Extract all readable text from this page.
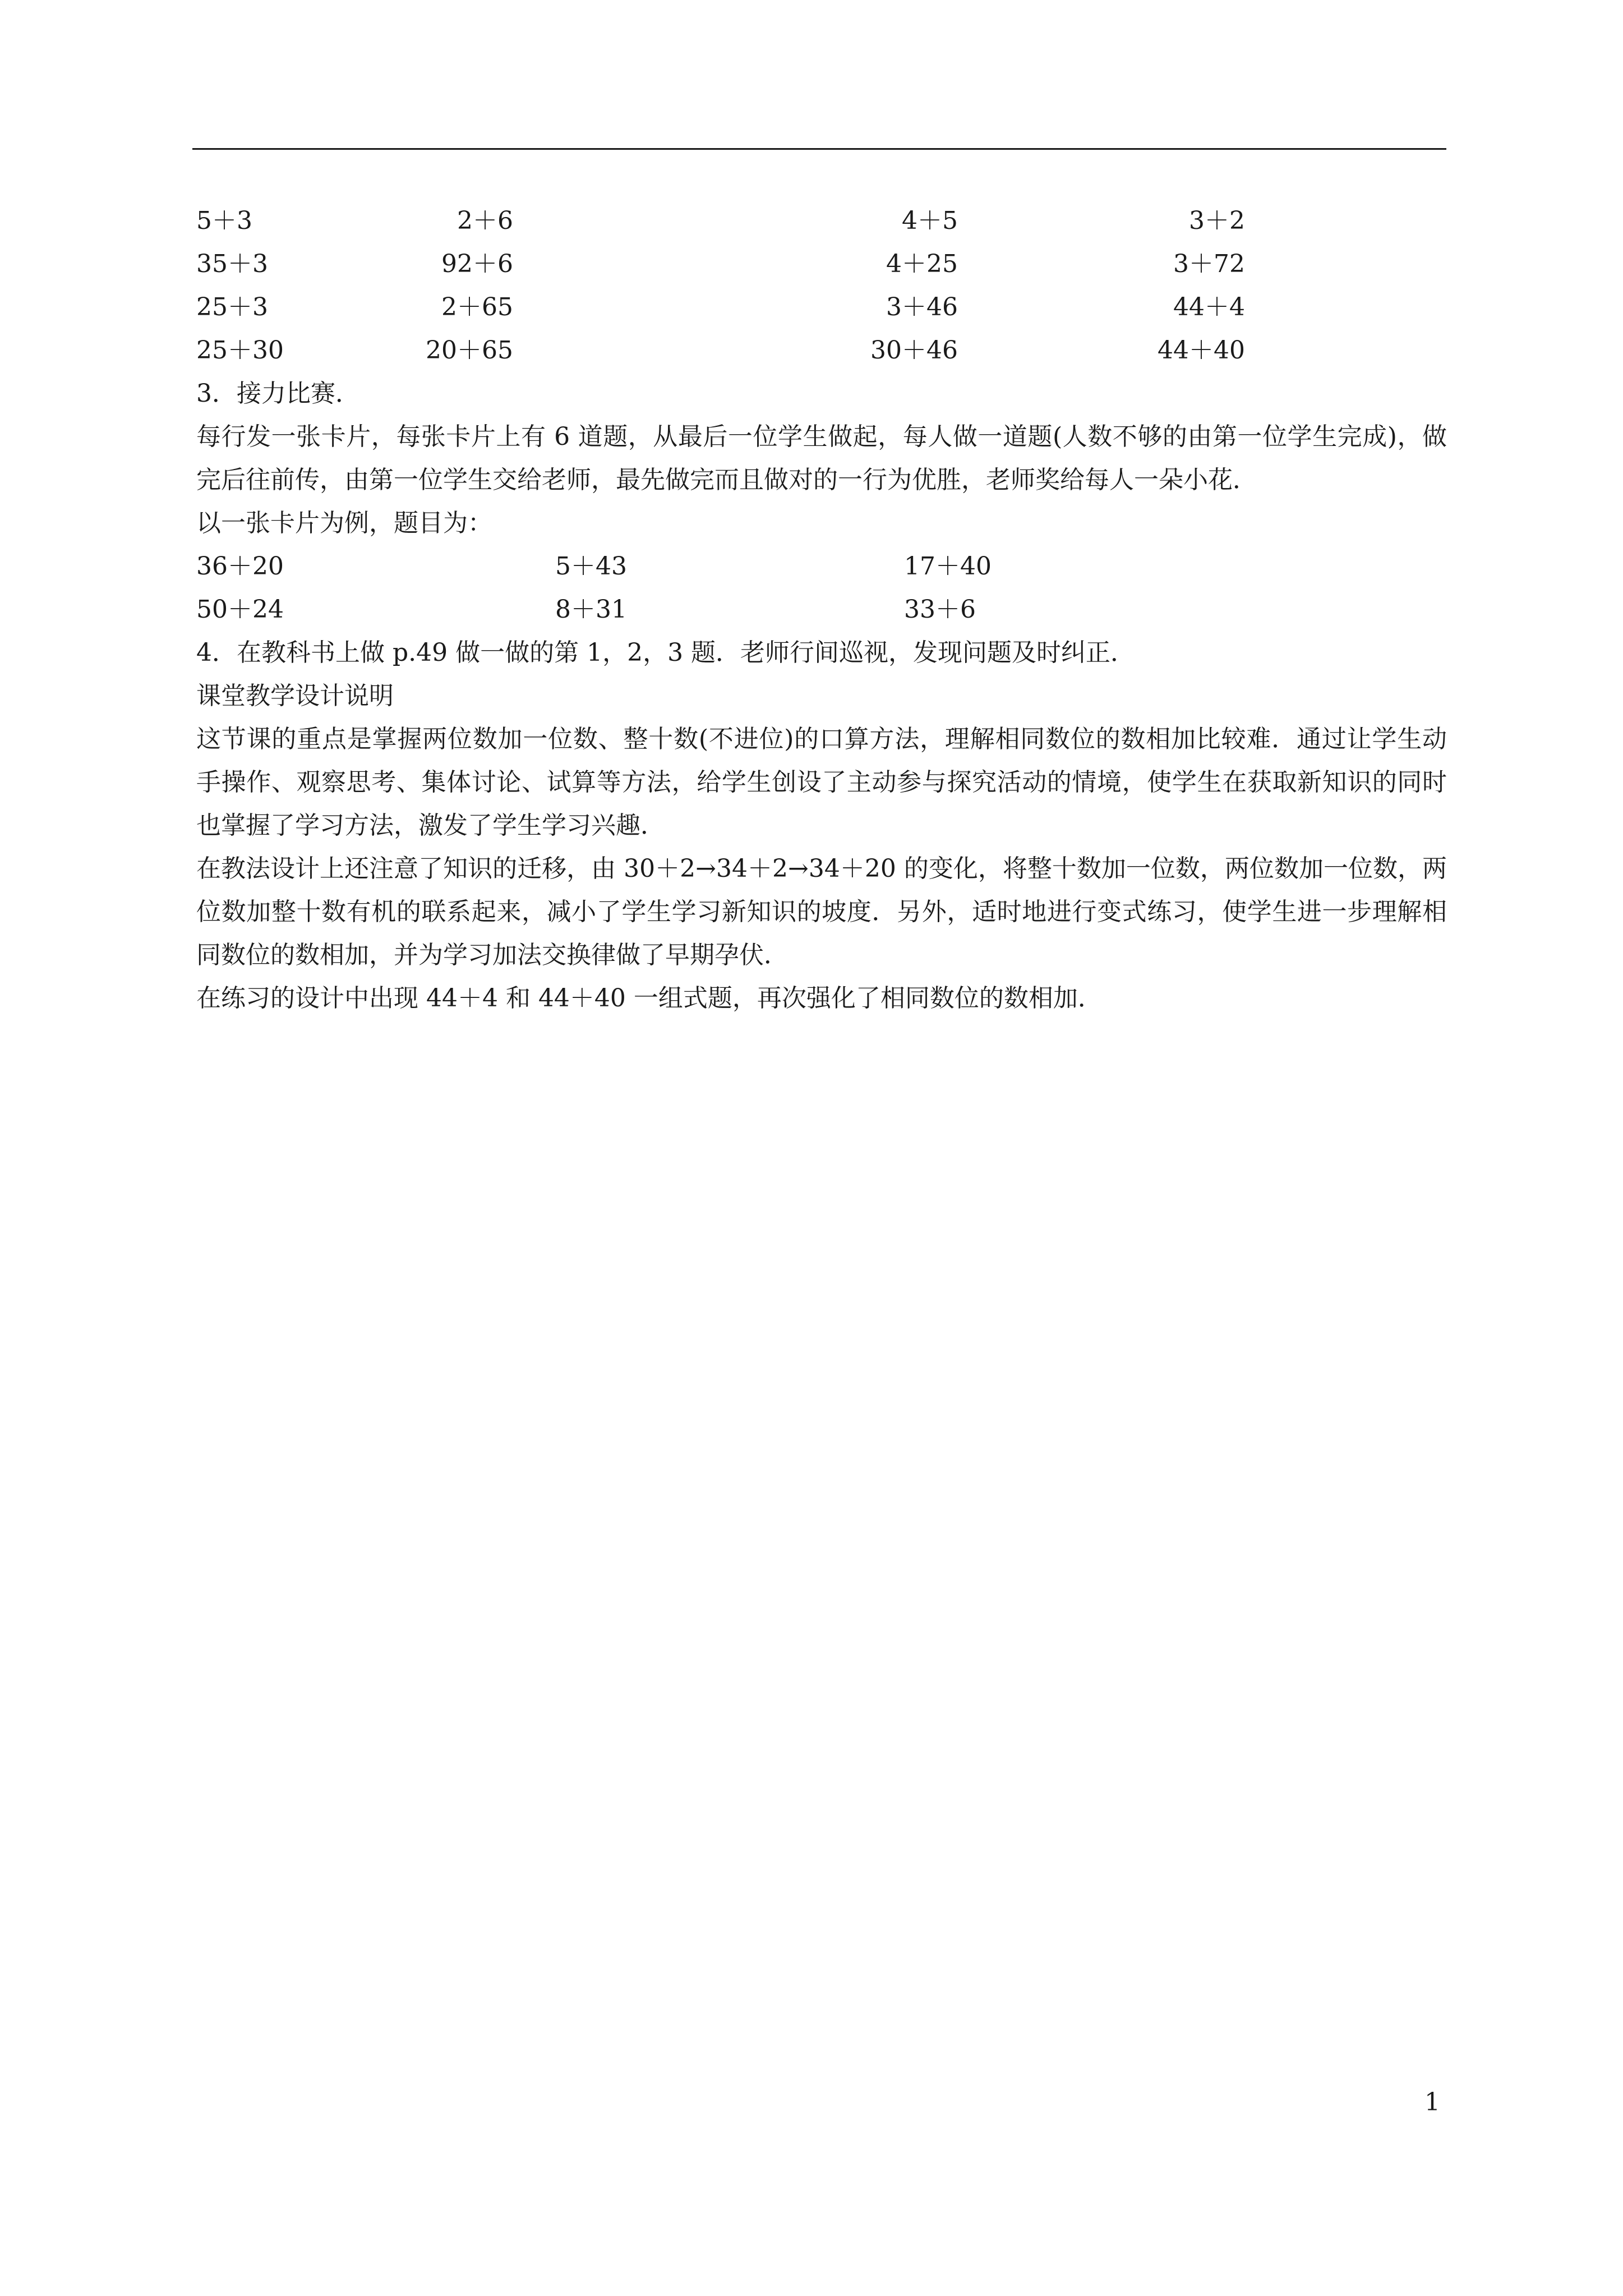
5＋3	2＋6	4＋5	3＋2
35＋3	92＋6	4＋25	3＋72
25＋3	2＋65	3＋46	44＋4
25＋30	20＋65	30＋46	44＋40

3．接力比赛．

每行发一张卡片，每张卡片上有 6 道题，从最后一位学生做起，每人做一道题(人数不够的由第一位学生完成)，做完后往前传，由第一位学生交给老师，最先做完而且做对的一行为优胜，老师奖给每人一朵小花．

以一张卡片为例，题目为：

36＋20	5＋43	17＋40
50＋24	8＋31	33＋6

4．在教科书上做 p.49 做一做的第 1，2，3 题．老师行间巡视，发现问题及时纠正．

课堂教学设计说明

这节课的重点是掌握两位数加一位数、整十数(不进位)的口算方法，理解相同数位的数相加比较难．通过让学生动手操作、观察思考、集体讨论、试算等方法，给学生创设了主动参与探究活动的情境，使学生在获取新知识的同时也掌握了学习方法，激发了学生学习兴趣．

在教法设计上还注意了知识的迁移，由 30＋2→34＋2→34＋20 的变化，将整十数加一位数，两位数加一位数，两位数加整十数有机的联系起来，减小了学生学习新知识的坡度．另外，适时地进行变式练习，使学生进一步理解相同数位的数相加，并为学习加法交换律做了早期孕伏．

在练习的设计中出现 44＋4 和 44＋40 一组式题，再次强化了相同数位的数相加．

1
